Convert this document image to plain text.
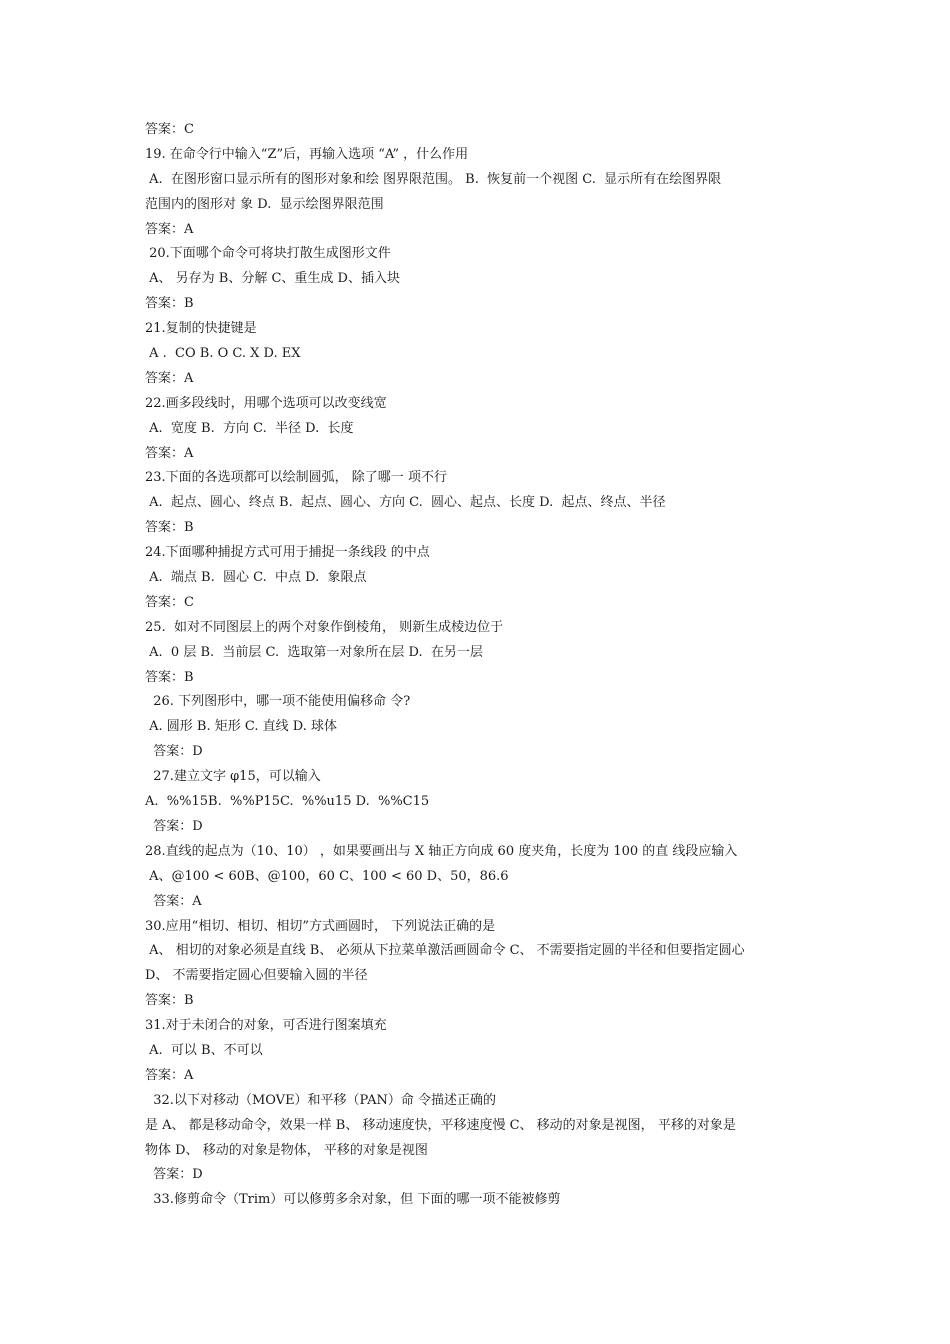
答案：C
19. 在命令行中输入“Z”后，再输入选项 “A” ，什么作用
A.  在图形窗口显示所有的图形对象和绘 图界限范围。 B.  恢复前一个视图 C.  显示所有在绘图界限
范围内的图形对 象 D.  显示绘图界限范围
答案：A
20.下面哪个命令可将块打散生成图形文件
A、 另存为 B、分解 C、重生成 D、插入块
答案：B
21.复制的快捷键是
A .  CO B. O C. X D. EX
答案：A
22.画多段线时，用哪个选项可以改变线宽
A.  宽度 B.  方向 C.  半径 D.  长度
答案：A
23.下面的各选项都可以绘制圆弧， 除了哪一 项不行
A.  起点、圆心、终点 B.  起点、圆心、方向 C.  圆心、起点、长度 D.  起点、终点、半径
答案：B
24.下面哪种捕捉方式可用于捕捉一条线段 的中点
A.  端点 B.  圆心 C.  中点 D.  象限点
答案：C
25.  如对不同图层上的两个对象作倒棱角， 则新生成棱边位于
A.  0 层 B.  当前层 C.  选取第一对象所在层 D.  在另一层
答案：B
26. 下列图形中，哪一项不能使用偏移命 令?
A. 圆形 B. 矩形 C. 直线 D. 球体
答案：D
27.建立文字 φ15，可以输入
A.  %%15B.  %%P15C.  %%u15 D.  %%C15
答案：D
28.直线的起点为（10、10） ，如果要画出与 X 轴正方向成 60 度夹角，长度为 100 的直 线段应输入
A、@100 < 60B、@100，60 C、100 < 60 D、50，86.6
答案：A
30.应用“相切、相切、相切”方式画圆时， 下列说法正确的是
A、 相切的对象必须是直线 B、 必须从下拉菜单激活画圆命令 C、 不需要指定圆的半径和但要指定圆心
D、 不需要指定圆心但要输入圆的半径
答案：B
31.对于未闭合的对象，可否进行图案填充
A.  可以 B、不可以
答案：A
32.以下对移动（MOVE）和平移（PAN）命 令描述正确的
是 A、 都是移动命令，效果一样 B、 移动速度快，平移速度慢 C、 移动的对象是视图， 平移的对象是
物体 D、 移动的对象是物体， 平移的对象是视图
答案：D
33.修剪命令（Trim）可以修剪多余对象，但 下面的哪一项不能被修剪
